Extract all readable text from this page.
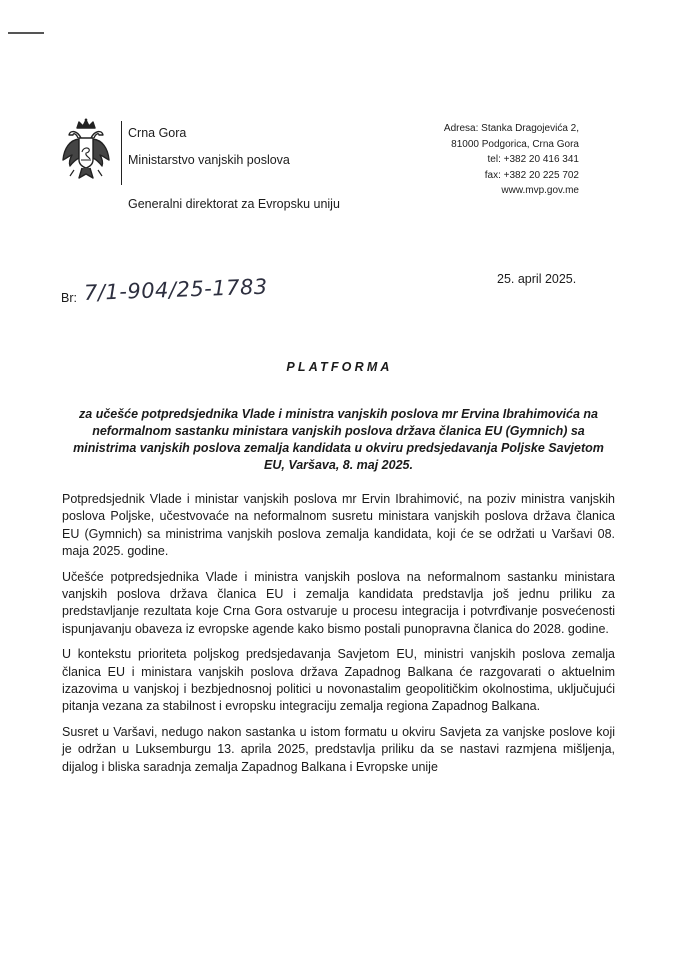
Crna Gora
Ministarstvo vanjskih poslova
Generalni direktorat za Evropsku uniju
Adresa: Stanka Dragojevića 2,
81000 Podgorica, Crna Gora
tel: +382 20 416 341
fax: +382 20 225 702
www.mvp.gov.me
25. april 2025.
Br: 7/1-904/25-1783
PLATFORMA
za učešće potpredsjednika Vlade i ministra vanjskih poslova mr Ervina Ibrahimovića na neformalnom sastanku ministara vanjskih poslova država članica EU (Gymnich) sa ministrima vanjskih poslova zemalja kandidata u okviru predsjedavanja Poljske Savjetom EU, Varšava, 8. maj 2025.

Potpredsjednik Vlade i ministar vanjskih poslova mr Ervin Ibrahimović, na poziv ministra vanjskih poslova Poljske, učestvovaće na neformalnom susretu ministara vanjskih poslova država članica EU (Gymnich) sa ministrima vanjskih poslova zemalja kandidata, koji će se održati u Varšavi 08. maja 2025. godine.

Učešće potpredsjednika Vlade i ministra vanjskih poslova na neformalnom sastanku ministara vanjskih poslova država članica EU i zemalja kandidata predstavlja još jednu priliku za predstavljanje rezultata koje Crna Gora ostvaruje u procesu integracija i potvrđivanje posvećenosti ispunjavanju obaveza iz evropske agende kako bismo postali punopravna članica do 2028. godine.

U kontekstu prioriteta poljskog predsjedavanja Savjetom EU, ministri vanjskih poslova zemalja članica EU i ministara vanjskih poslova država Zapadnog Balkana će razgovarati o aktuelnim izazovima u vanjskoj i bezbjednosnoj politici u novonastalim geopolitičkim okolnostima, uključujući pitanja vezana za stabilnost i evropsku integraciju zemalja regiona Zapadnog Balkana.

Susret u Varšavi, nedugo nakon sastanka u istom formatu u okviru Savjeta za vanjske poslove koji je održan u Luksemburgu 13. aprila 2025, predstavlja priliku da se nastavi razmjena mišljenja, dijalog i bliska saradnja zemalja Zapadnog Balkana i Evropske unije
